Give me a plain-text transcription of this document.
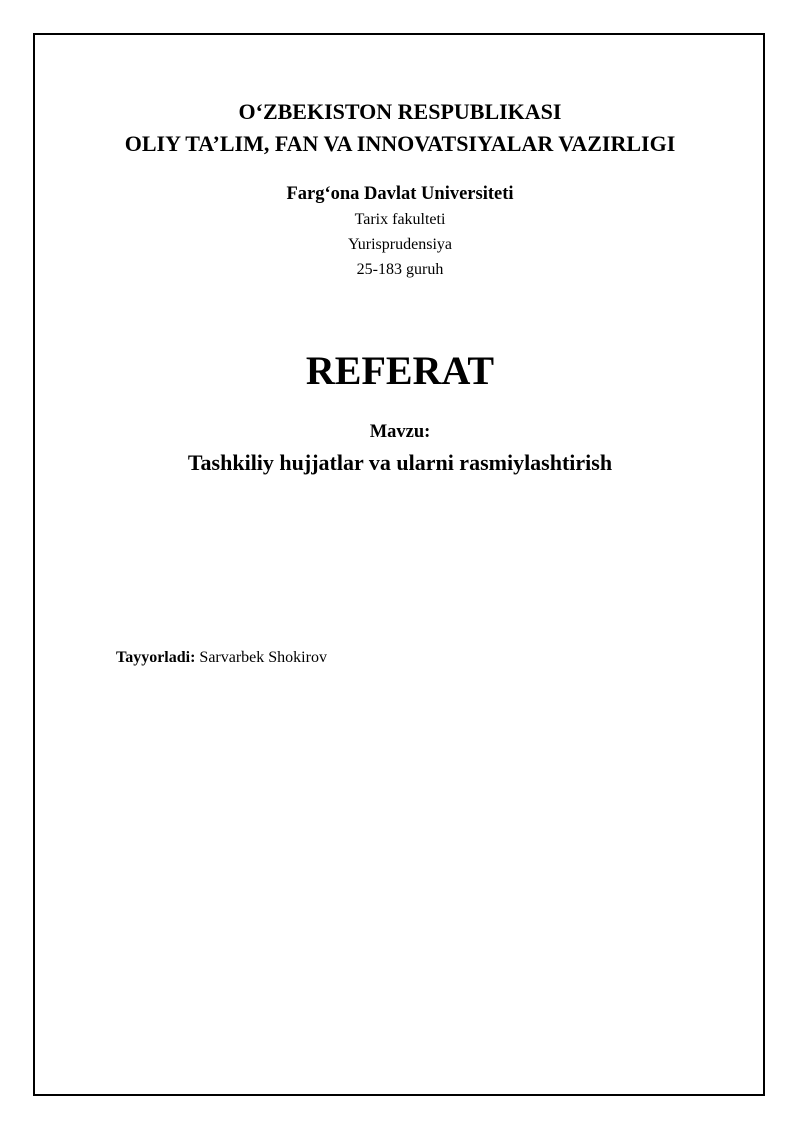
O‘ZBEKISTON RESPUBLIKASI

OLIY TA’LIM, FAN VA INNOVATSIYALAR VAZIRLIGI

Farg‘ona Davlat Universiteti

Tarix fakulteti

Yurisprudensiya

25-183 guruh

REFERAT

Mavzu:

Tashkiliy hujjatlar va ularni rasmiylashtirish

Tayyorladi: Sarvarbek Shokirov
